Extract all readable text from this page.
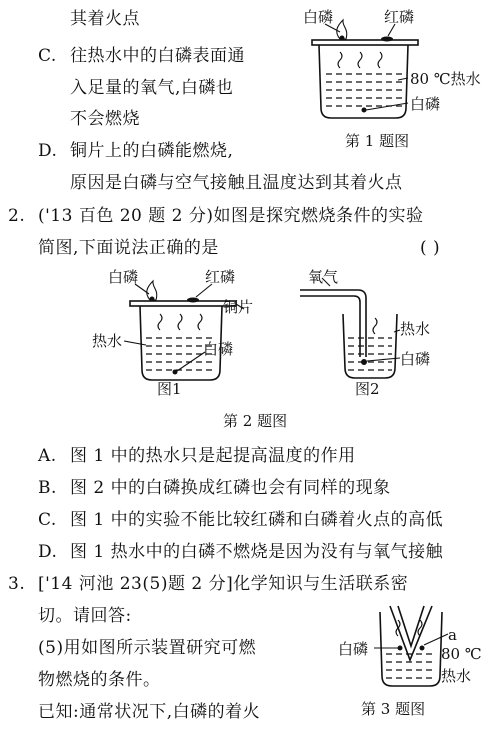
其着火点
C. 往热水中的白磷表面通
入足量的氧气,白磷也
不会燃烧
D. 铜片上的白磷能燃烧,
原因是白磷与空气接触且温度达到其着火点
白磷	红磷
80 ℃热水
白磷
第 1 题图
2. ('13 百色 20 题 2 分)如图是探究燃烧条件的实验
简图,下面说法正确的是	( )
白磷	红磷
铜片
热水	白磷
图1
氧气
热水
白磷
图2
第 2 题图
A. 图 1 中的热水只是起提高温度的作用
B. 图 2 中的白磷换成红磷也会有同样的现象
C. 图 1 中的实验不能比较红磷和白磷着火点的高低
D. 图 1 热水中的白磷不燃烧是因为没有与氧气接触
3. ['14 河池 23(5)题 2 分]化学知识与生活联系密
切。请回答:
(5)用如图所示装置研究可燃
物燃烧的条件。
已知:通常状况下,白磷的着火
白磷
a
80 ℃
热水
第 3 题图
